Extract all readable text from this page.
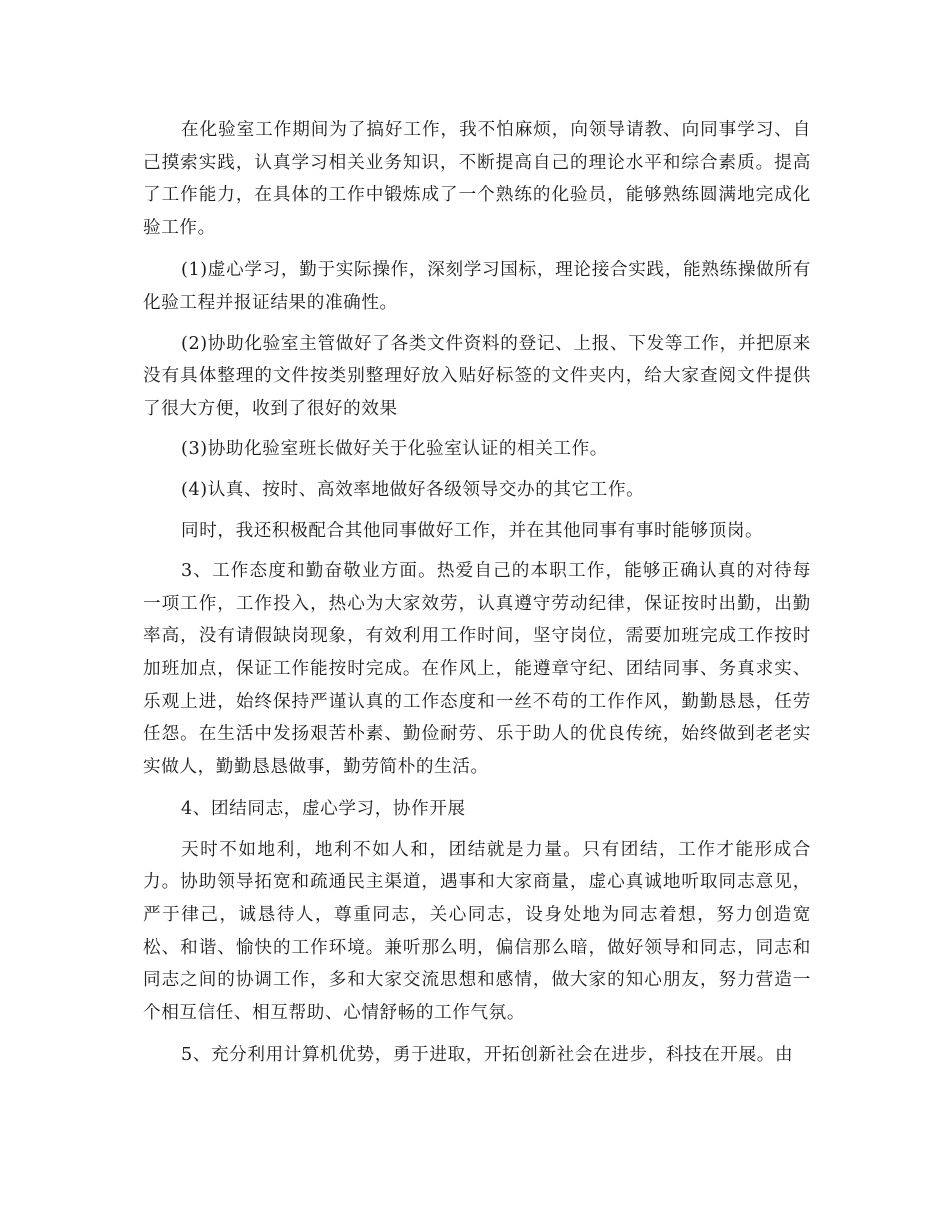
在化验室工作期间为了搞好工作，我不怕麻烦，向领导请教、向同事学习、自己摸索实践，认真学习相关业务知识，不断提高自己的理论水平和综合素质。提高了工作能力，在具体的工作中锻炼成了一个熟练的化验员，能够熟练圆满地完成化验工作。

(1)虚心学习，勤于实际操作，深刻学习国标，理论接合实践，能熟练操做所有化验工程并报证结果的准确性。

(2)协助化验室主管做好了各类文件资料的登记、上报、下发等工作，并把原来没有具体整理的文件按类别整理好放入贴好标签的文件夹内，给大家查阅文件提供了很大方便，收到了很好的效果

(3)协助化验室班长做好关于化验室认证的相关工作。

(4)认真、按时、高效率地做好各级领导交办的其它工作。

同时，我还积极配合其他同事做好工作，并在其他同事有事时能够顶岗。

3、工作态度和勤奋敬业方面。热爱自己的本职工作，能够正确认真的对待每一项工作，工作投入，热心为大家效劳，认真遵守劳动纪律，保证按时出勤，出勤率高，没有请假缺岗现象，有效利用工作时间，坚守岗位，需要加班完成工作按时加班加点，保证工作能按时完成。在作风上，能遵章守纪、团结同事、务真求实、乐观上进，始终保持严谨认真的工作态度和一丝不苟的工作作风，勤勤恳恳，任劳任怨。在生活中发扬艰苦朴素、勤俭耐劳、乐于助人的优良传统，始终做到老老实实做人，勤勤恳恳做事，勤劳简朴的生活。

4、团结同志，虚心学习，协作开展

天时不如地利，地利不如人和，团结就是力量。只有团结，工作才能形成合力。协助领导拓宽和疏通民主渠道，遇事和大家商量，虚心真诚地听取同志意见，严于律己，诚恳待人，尊重同志，关心同志，设身处地为同志着想，努力创造宽松、和谐、愉快的工作环境。兼听那么明，偏信那么暗，做好领导和同志，同志和同志之间的协调工作，多和大家交流思想和感情，做大家的知心朋友，努力营造一个相互信任、相互帮助、心情舒畅的工作气氛。

5、充分利用计算机优势，勇于进取，开拓创新社会在进步，科技在开展。由
